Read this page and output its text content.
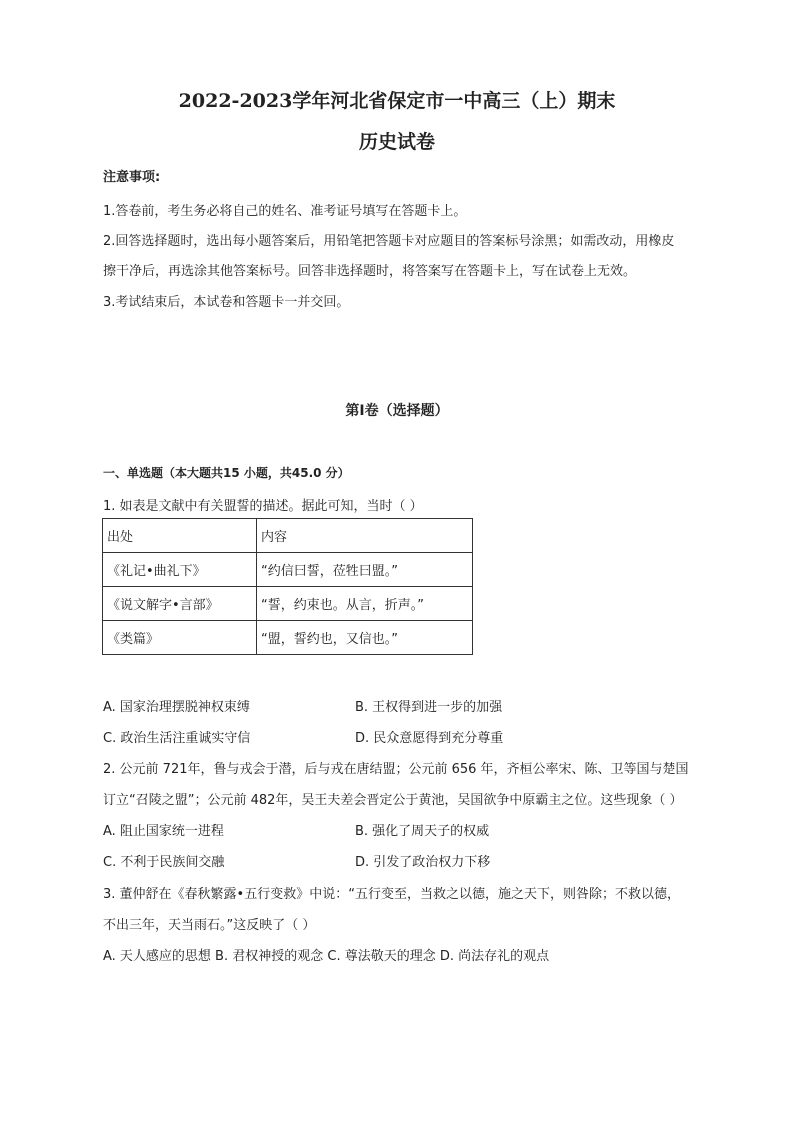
2022-2023学年河北省保定市一中高三（上）期末
历史试卷
注意事项:
1.答卷前，考生务必将自己的姓名、准考证号填写在答题卡上。
2.回答选择题时，选出每小题答案后，用铅笔把答题卡对应题目的答案标号涂黑；如需改动，用橡皮
擦干净后，再选涂其他答案标号。回答非选择题时，将答案写在答题卡上，写在试卷上无效。
3.考试结束后，本试卷和答题卡一并交回。
第Ⅰ卷（选择题）
一、单选题（本大题共15 小题，共45.0 分）
1. 如表是文献中有关盟誓的描述。据此可知，当时（ ）
出处	内容
《礼记•曲礼下》	“约信曰誓，莅牲曰盟。”
《说文解字•言部》	“誓，约束也。从言，折声。”
《类篇》	“盟，誓约也，又信也。”
A. 国家治理摆脱神权束缚	B. 王权得到进一步的加强
C. 政治生活注重诚实守信	D. 民众意愿得到充分尊重
2. 公元前 721年，鲁与戎会于潜，后与戎在唐结盟；公元前 656 年，齐桓公率宋、陈、卫等国与楚国
订立“召陵之盟”；公元前 482年，吴王夫差会晋定公于黄池，吴国欲争中原霸主之位。这些现象（ ）
A. 阻止国家统一进程	B. 强化了周天子的权威
C. 不利于民族间交融	D. 引发了政治权力下移
3. 董仲舒在《春秋繁露•五行变救》中说：“五行变至，当救之以德，施之天下，则咎除；不救以德，
不出三年，天当雨石。”这反映了（ ）
A. 天人感应的思想 B. 君权神授的观念 C. 尊法敬天的理念 D. 尚法存礼的观点
